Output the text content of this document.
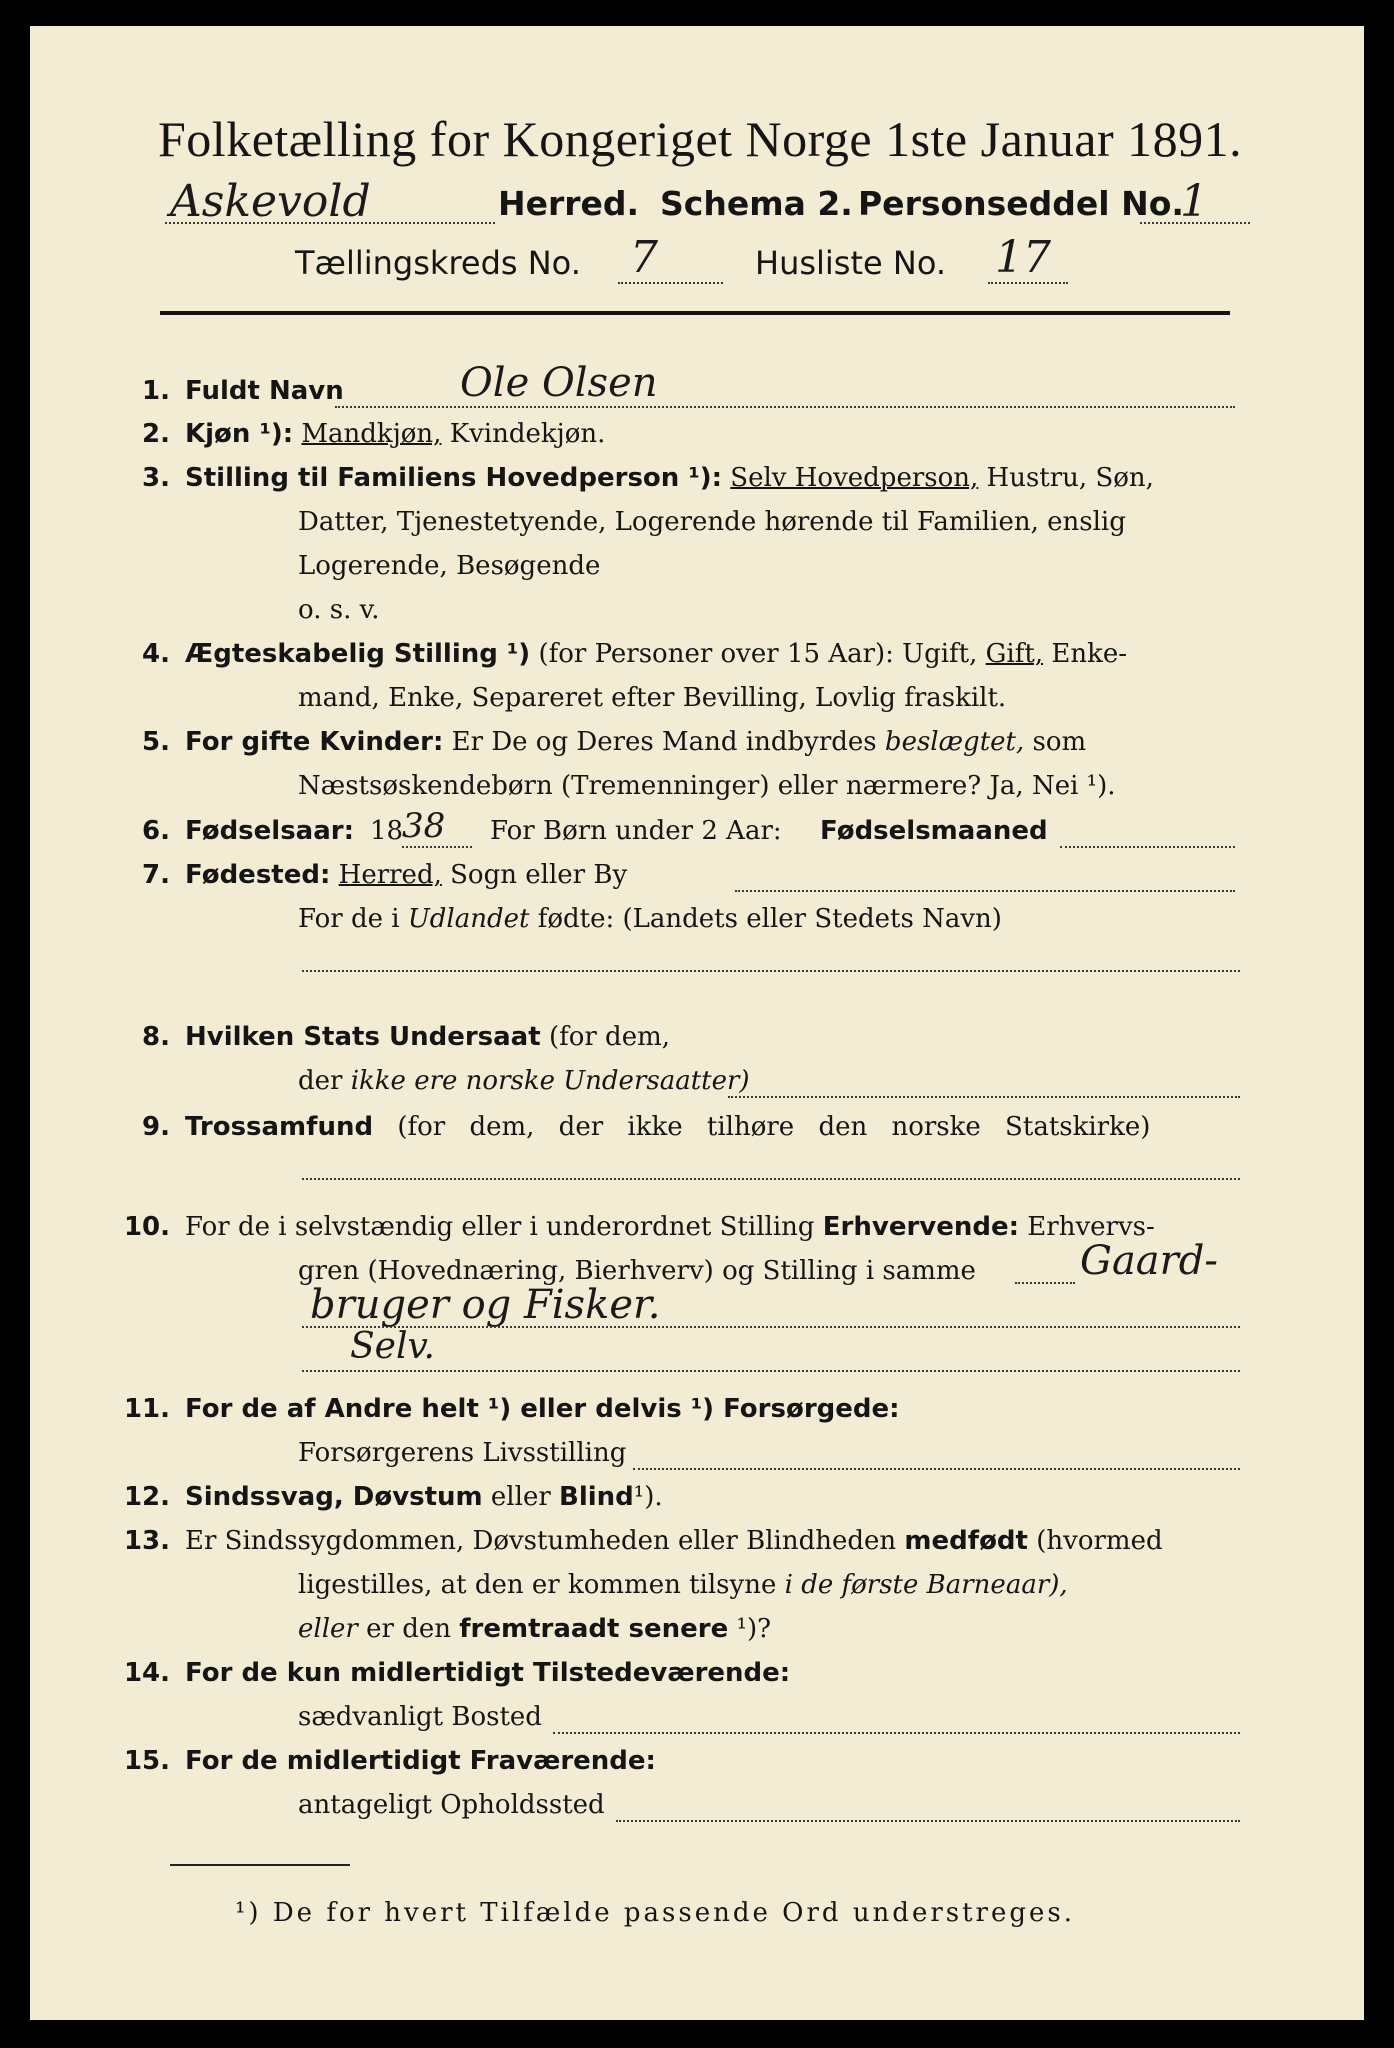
Folketælling for Kongeriget Norge 1ste Januar 1891.
Askevold	Herred. Schema 2. Personseddel No.
1
Tællingskreds No. 7	Husliste No. 17
1. Fuldt Navn	Ole Olsen
2. Kjøn ¹): Mandkjøn, Kvindekjøn.
3. Stilling til Familiens Hovedperson ¹): Selv Hovedperson, Hustru, Søn,
Datter, Tjenestetyende, Logerende hørende til Familien, enslig
Logerende, Besøgende
o. s. v.
4. Ægteskabelig Stilling ¹) (for Personer over 15 Aar): Ugift, Gift, Enke-
mand, Enke, Separeret efter Bevilling, Lovlig fraskilt.
5. For gifte Kvinder: Er De og Deres Mand indbyrdes beslægtet, som
Næstsøskendebørn (Tremenninger) eller nærmere? Ja, Nei ¹).
6. Fødselsaar: 18
38 For Børn under 2 Aar: Fødselsmaaned
7. Fødested: Herred, Sogn eller By
For de i Udlandet fødte: (Landets eller Stedets Navn)
8. Hvilken Stats Undersaat (for dem,
der ikke ere norske Undersaatter)
9. Trossamfund (for dem, der ikke tilhøre den norske Statskirke)
10. For de i selvstændig eller i underordnet Stilling Erhvervende: Erhvervs-
gren (Hovednæring, Bierhverv) og Stilling i samme	Gaard-
bruger og Fisker.
Selv.
11. For de af Andre helt ¹) eller delvis ¹) Forsørgede:
Forsørgerens Livsstilling
12. Sindssvag, Døvstum eller Blind¹).
13. Er Sindssygdommen, Døvstumheden eller Blindheden medfødt (hvormed
ligestilles, at den er kommen tilsyne i de første Barneaar),
eller er den fremtraadt senere ¹)?
14. For de kun midlertidigt Tilstedeværende:
sædvanligt Bosted
15. For de midlertidigt Fraværende:
antageligt Opholdssted
¹) De for hvert Tilfælde passende Ord understreges.
